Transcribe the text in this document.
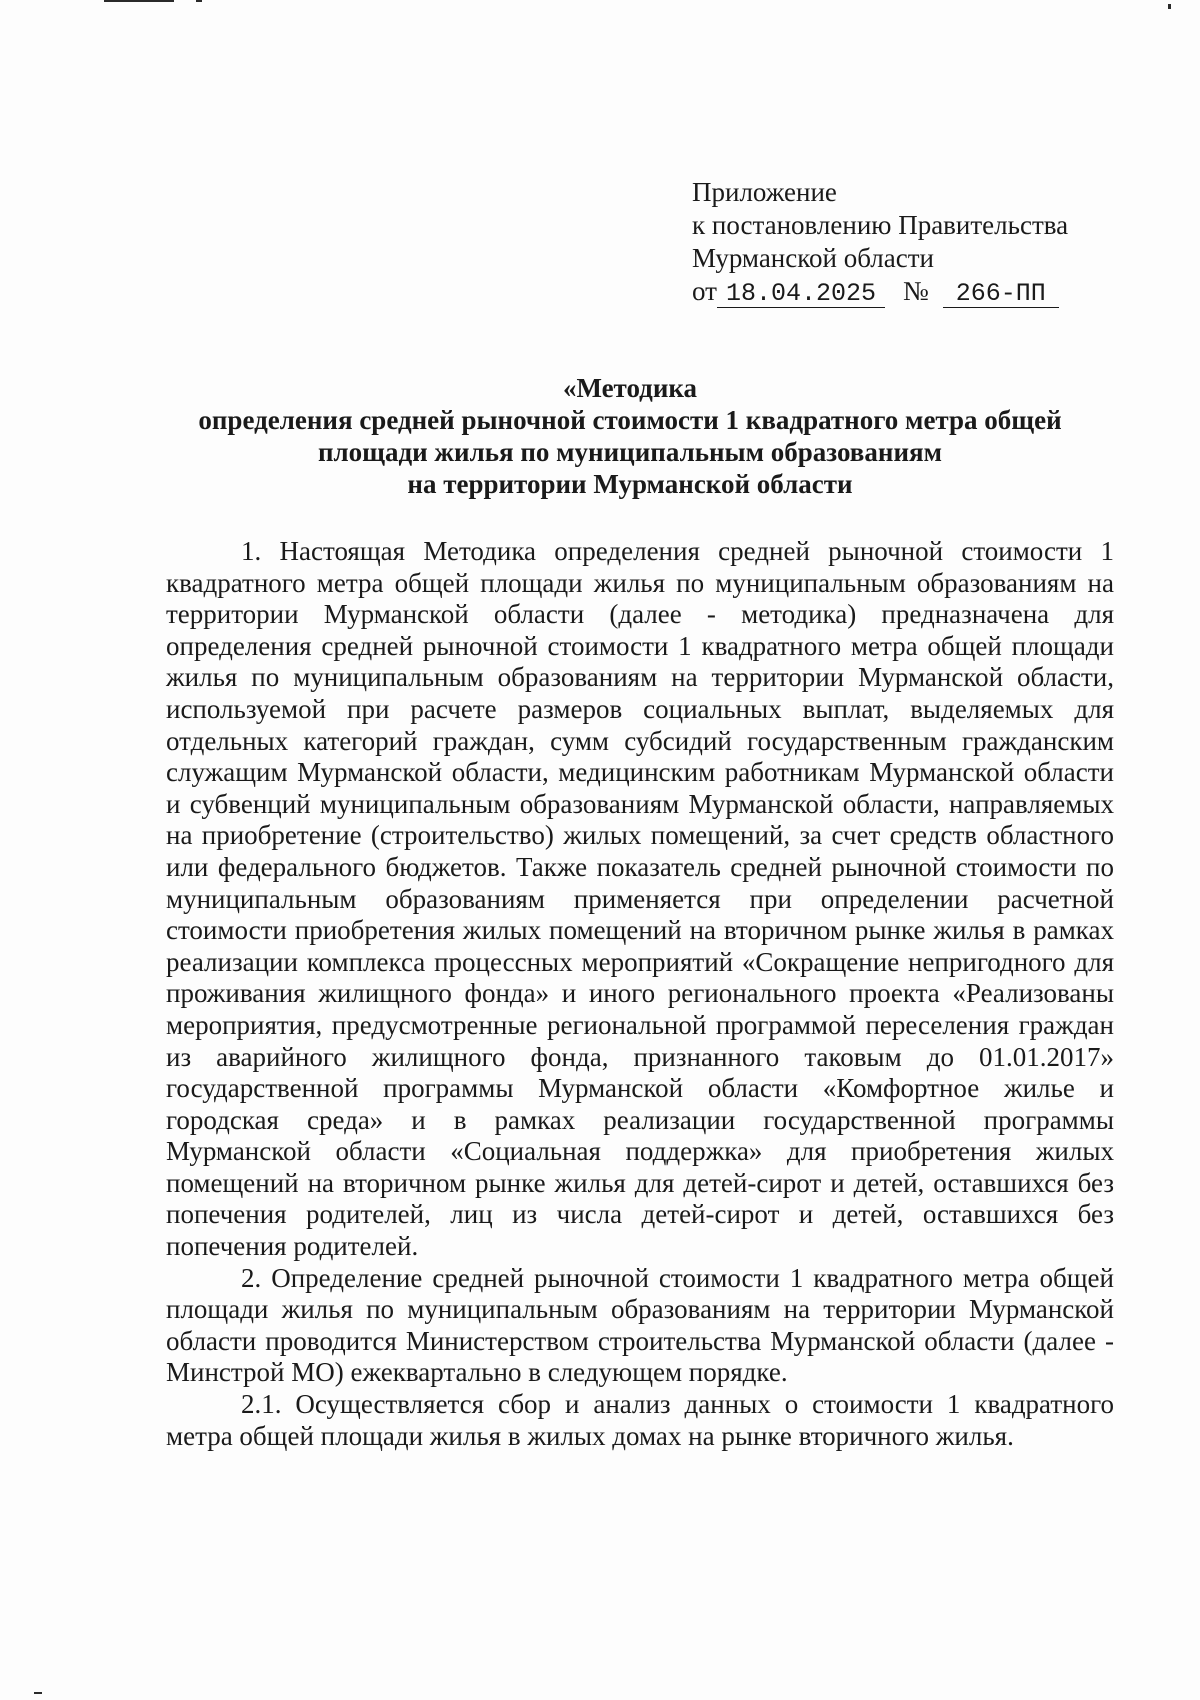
Приложение
к постановлению Правительства
Мурманской области
от 18.04.2025 № 266-ПП
«Методика
определения средней рыночной стоимости 1 квадратного метра общей
площади жилья по муниципальным образованиям
на территории Мурманской области

1. Настоящая Методика определения средней рыночной стоимости 1 квадратного метра общей площади жилья по муниципальным образованиям на территории Мурманской области (далее - методика) предназначена для определения средней рыночной стоимости 1 квадратного метра общей площади жилья по муниципальным образованиям на территории Мурманской области, используемой при расчете размеров социальных выплат, выделяемых для отдельных категорий граждан, сумм субсидий государственным гражданским служащим Мурманской области, медицинским работникам Мурманской области и субвенций муниципальным образованиям Мурманской области, направляемых на приобретение (строительство) жилых помещений, за счет средств областного или федерального бюджетов. Также показатель средней рыночной стоимости по муниципальным образованиям применяется при определении расчетной стоимости приобретения жилых помещений на вторичном рынке жилья в рамках реализации комплекса процессных мероприятий «Сокращение непригодного для проживания жилищного фонда» и иного регионального проекта «Реализованы мероприятия, предусмотренные региональной программой переселения граждан из аварийного жилищного фонда, признанного таковым до 01.01.2017» государственной программы Мурманской области «Комфортное жилье и городская среда» и в рамках реализации государственной программы Мурманской области «Социальная поддержка» для приобретения жилых помещений на вторичном рынке жилья для детей-сирот и детей, оставшихся без попечения родителей, лиц из числа детей-сирот и детей, оставшихся без попечения родителей.

2. Определение средней рыночной стоимости 1 квадратного метра общей площади жилья по муниципальным образованиям на территории Мурманской области проводится Министерством строительства Мурманской области (далее - Минстрой МО) ежеквартально в следующем порядке.

2.1. Осуществляется сбор и анализ данных о стоимости 1 квадратного метра общей площади жилья в жилых домах на рынке вторичного жилья.
